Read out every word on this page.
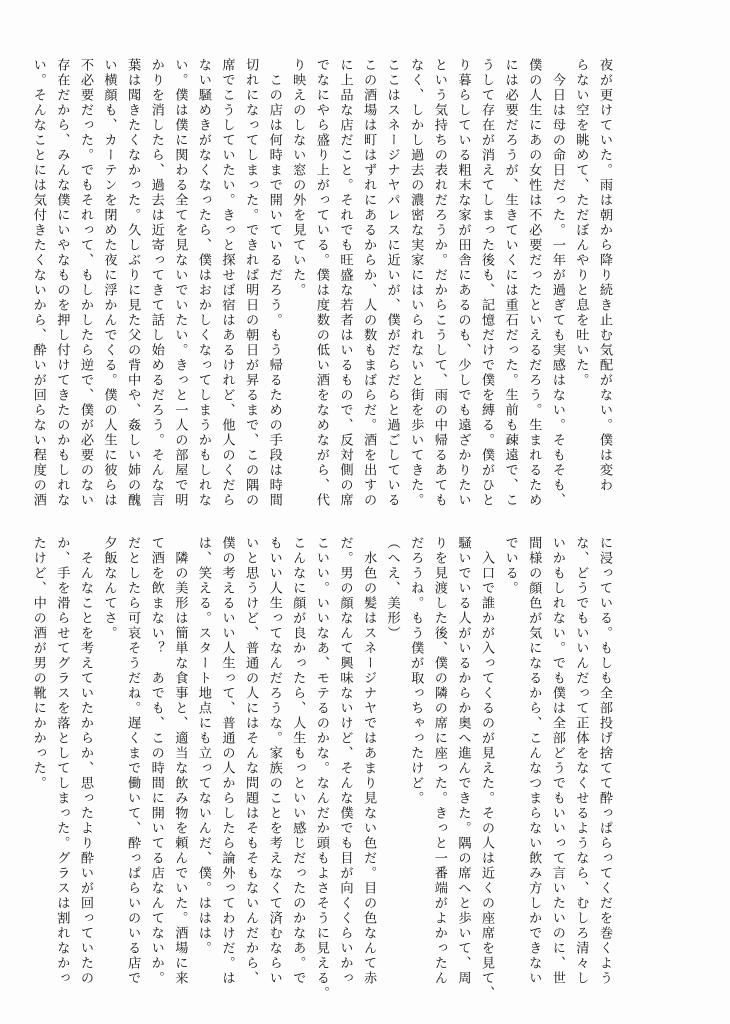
夜が更けていた。雨は朝から降り続き止む気配がない。僕は変わ

らない空を眺めて、ただぼんやりと息を吐いた。

　今日は母の命日だった。一年が過ぎても実感はない。そもそも、

僕の人生にあの女性は不必要だったといえるだろう。生まれるため

には必要だろうが、生きていくには重石だった。生前も疎遠で、こ

うして存在が消えてしまった後も、記憶だけで僕を縛る。僕がひと

り暮らしている粗末な家が田舎にあるのも、少しでも遠ざかりたい

という気持ちの表れだろうか。だからこうして、雨の中帰るあても

なく、しかし過去の濃密な実家にはいられないと街を歩いてきた。

ここはスネージナヤパレスに近いが、僕がだらだらと過ごしている

この酒場は町はずれにあるからか、人の数もまばらだ。酒を出すの

に上品な店だこと。それでも旺盛な若者はいるもので、反対側の席

でなにやら盛り上がっている。僕は度数の低い酒をなめながら、代

り映えのしない窓の外を見ていた。

　この店は何時まで開いているだろう。もう帰るための手段は時間

切れになってしまった。できれば明日の朝日が昇るまで、この隅の

席でこうしていたい。きっと探せば宿はあるけれど、他人のくだら

ない騒めきがなくなったら、僕はおかしくなってしまうかもしれな

い。僕は僕に関わる全てを見ないでいたい。きっと一人の部屋で明

かりを消したら、過去は近寄ってきて話し始めるだろう。そんな言

葉は聞きたくなかった。久しぶりに見た父の背中や、姦しい姉の醜

い横顔も、カーテンを閉めた夜に浮かんでくる。僕の人生に彼らは

不必要だった。でもそれって、もしかしたら逆で、僕が必要のない

存在だから、みんな僕にいやなものを押し付けてきたのかもしれな

い。そんなことには気付きたくないから、酔いが回らない程度の酒

に浸っている。もしも全部投げ捨てて酔っぱらってくだを巻くよう

な、どうでもいいんだって正体をなくせるようなら、むしろ清々し

いかもしれない。でも僕は全部どうでもいいって言いたいのに、世

間様の顔色が気になるから、こんなつまらない飲み方しかできない

でいる。

　入口で誰かが入ってくるのが見えた。その人は近くの座席を見て、

騒いでいる人がいるからか奥へ進んできた。隅の席へと歩いて、周

りを見渡した後、僕の隣の席に座った。きっと一番端がよかったん

だろうね。もう僕が取っちゃったけど。

（へえ、美形）

　水色の髪はスネージナヤではあまり見ない色だ。目の色なんて赤

だ。男の顔なんて興味ないけど、そんな僕でも目が向くくらいかっ

こいい。いいなあ、モテるのかな。なんだか頭もよさそうに見える。

こんなに顔が良かったら、人生もっといい感じだったのかなあ。で

もいい人生ってなんだろうな。家族のことを考えなくて済むならい

いと思うけど、普通の人にはそんな問題はそもそもないんだから、

僕の考えるいい人生って、普通の人からしたら論外ってわけだ。は

は、笑える。スタート地点にも立ってないんだ、僕。ははは。

　隣の美形は簡単な食事と、適当な飲み物を頼んでいた。酒場に来

て酒を飲まない？　あでも、この時間に開いてる店なんてないか。

だとしたら可哀そうだね。遅くまで働いて、酔っぱらいのいる店で

夕飯なんてさ。

　そんなことを考えていたからか、思ったより酔いが回っていたの

か、手を滑らせてグラスを落としてしまった。グラスは割れなかっ

たけど、中の酒が男の靴にかかった。
